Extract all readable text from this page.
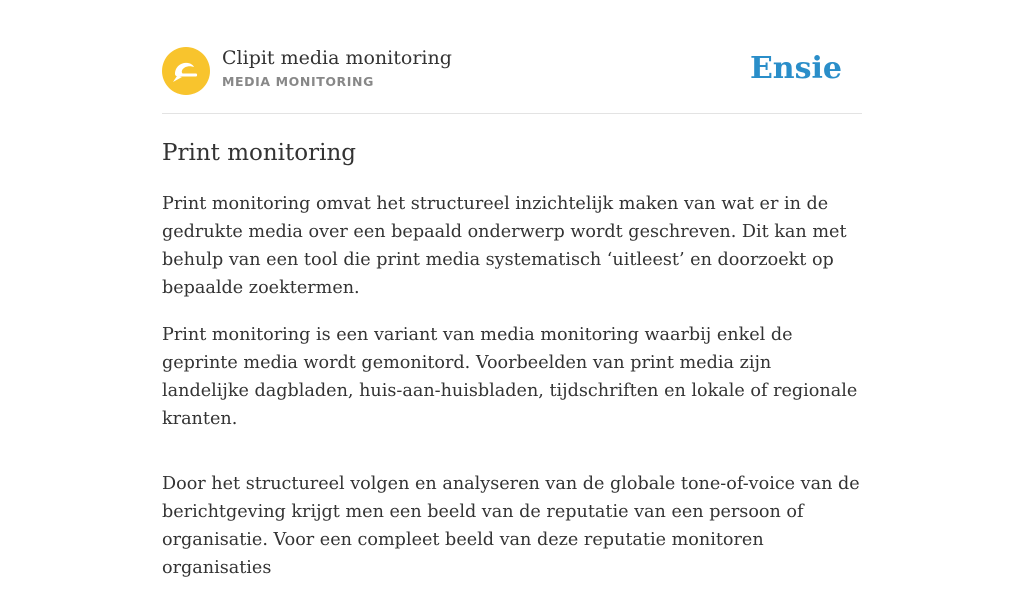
Clipit media monitoring
MEDIA MONITORING	Ensie
Print monitoring

Print monitoring omvat het structureel inzichtelijk maken van wat er in de gedrukte media over een bepaald onderwerp wordt geschreven. Dit kan met behulp van een tool die print media systematisch ‘uitleest’ en doorzoekt op bepaalde zoektermen.

Print monitoring is een variant van media monitoring waarbij enkel de geprinte media wordt gemonitord. Voorbeelden van print media zijn landelijke dagbladen, huis-aan-huisbladen, tijdschriften en lokale of regionale kranten.

Door het structureel volgen en analyseren van de globale tone-of-voice van de berichtgeving krijgt men een beeld van de reputatie van een persoon of organisatie. Voor een compleet beeld van deze reputatie monitoren organisaties
